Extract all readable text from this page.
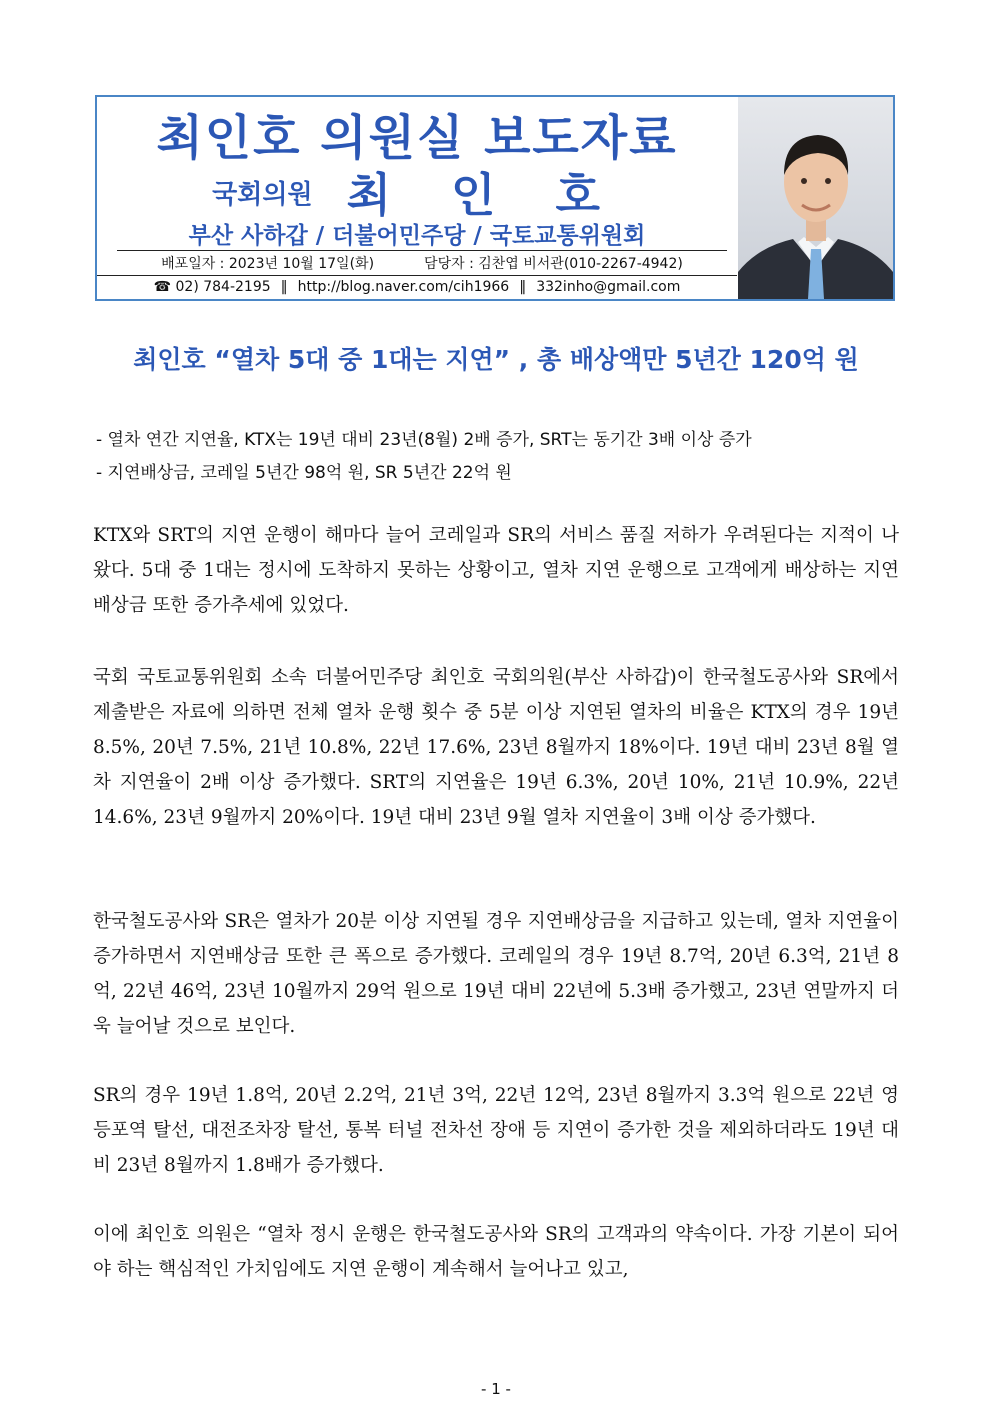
최인호 의원실 보도자료
국회의원 최 인 호
부산 사하갑 / 더불어민주당 / 국토교통위원회
배포일자 : 2023년 10월 17일(화)	담당자 : 김찬엽 비서관(010-2267-4942)
☎ 02) 784-2195 ‖ http://blog.naver.com/cih1966 ‖ 332inho@gmail.com
최인호 “열차 5대 중 1대는 지연” , 총 배상액만 5년간 120억 원
- 열차 연간 지연율, KTX는 19년 대비 23년(8월) 2배 증가, SRT는 동기간 3배 이상 증가
- 지연배상금, 코레일 5년간 98억 원, SR 5년간 22억 원

KTX와 SRT의 지연 운행이 해마다 늘어 코레일과 SR의 서비스 품질 저하가 우려된다는 지적이 나왔다. 5대 중 1대는 정시에 도착하지 못하는 상황이고, 열차 지연 운행으로 고객에게 배상하는 지연배상금 또한 증가추세에 있었다.

국회 국토교통위원회 소속 더불어민주당 최인호 국회의원(부산 사하갑)이 한국철도공사와 SR에서 제출받은 자료에 의하면 전체 열차 운행 횟수 중 5분 이상 지연된 열차의 비율은 KTX의 경우 19년 8.5%, 20년 7.5%, 21년 10.8%, 22년 17.6%, 23년 8월까지 18%이다. 19년 대비 23년 8월 열차 지연율이 2배 이상 증가했다. SRT의 지연율은 19년 6.3%, 20년 10%, 21년 10.9%, 22년 14.6%, 23년 9월까지 20%이다. 19년 대비 23년 9월 열차 지연율이 3배 이상 증가했다.

한국철도공사와 SR은 열차가 20분 이상 지연될 경우 지연배상금을 지급하고 있는데, 열차 지연율이 증가하면서 지연배상금 또한 큰 폭으로 증가했다. 코레일의 경우 19년 8.7억, 20년 6.3억, 21년 8억, 22년 46억, 23년 10월까지 29억 원으로 19년 대비 22년에 5.3배 증가했고, 23년 연말까지 더욱 늘어날 것으로 보인다.

SR의 경우 19년 1.8억, 20년 2.2억, 21년 3억, 22년 12억, 23년 8월까지 3.3억 원으로 22년 영등포역 탈선, 대전조차장 탈선, 통복 터널 전차선 장애 등 지연이 증가한 것을 제외하더라도 19년 대비 23년 8월까지 1.8배가 증가했다.

이에 최인호 의원은 “열차 정시 운행은 한국철도공사와 SR의 고객과의 약속이다. 가장 기본이 되어야 하는 핵심적인 가치임에도 지연 운행이 계속해서 늘어나고 있고,

- 1 -
